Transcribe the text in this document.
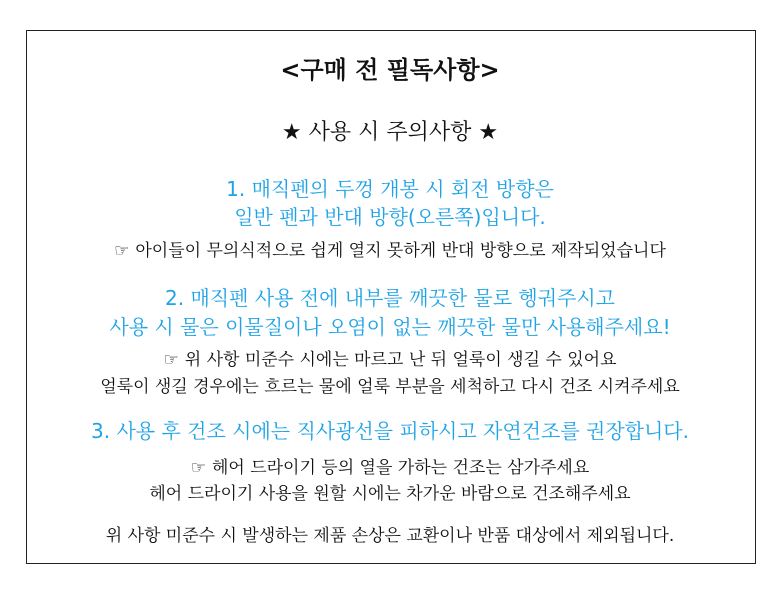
<구매 전 필독사항>
★ 사용 시 주의사항 ★
1. 매직펜의 두껑 개봉 시 회전 방향은
일반 펜과 반대 방향(오른쪽)입니다.
☞ 아이들이 무의식적으로 쉽게 열지 못하게 반대 방향으로 제작되었습니다
2. 매직펜 사용 전에 내부를 깨끗한 물로 헹궈주시고
사용 시 물은 이물질이나 오염이 없는 깨끗한 물만 사용해주세요!
☞ 위 사항 미준수 시에는 마르고 난 뒤 얼룩이 생길 수 있어요
얼룩이 생길 경우에는 흐르는 물에 얼룩 부분을 세척하고 다시 건조 시켜주세요
3. 사용 후 건조 시에는 직사광선을 피하시고 자연건조를 권장합니다.
☞ 헤어 드라이기 등의 열을 가하는 건조는 삼가주세요
헤어 드라이기 사용을 원할 시에는 차가운 바람으로 건조해주세요
위 사항 미준수 시 발생하는 제품 손상은 교환이나 반품 대상에서 제외됩니다.
